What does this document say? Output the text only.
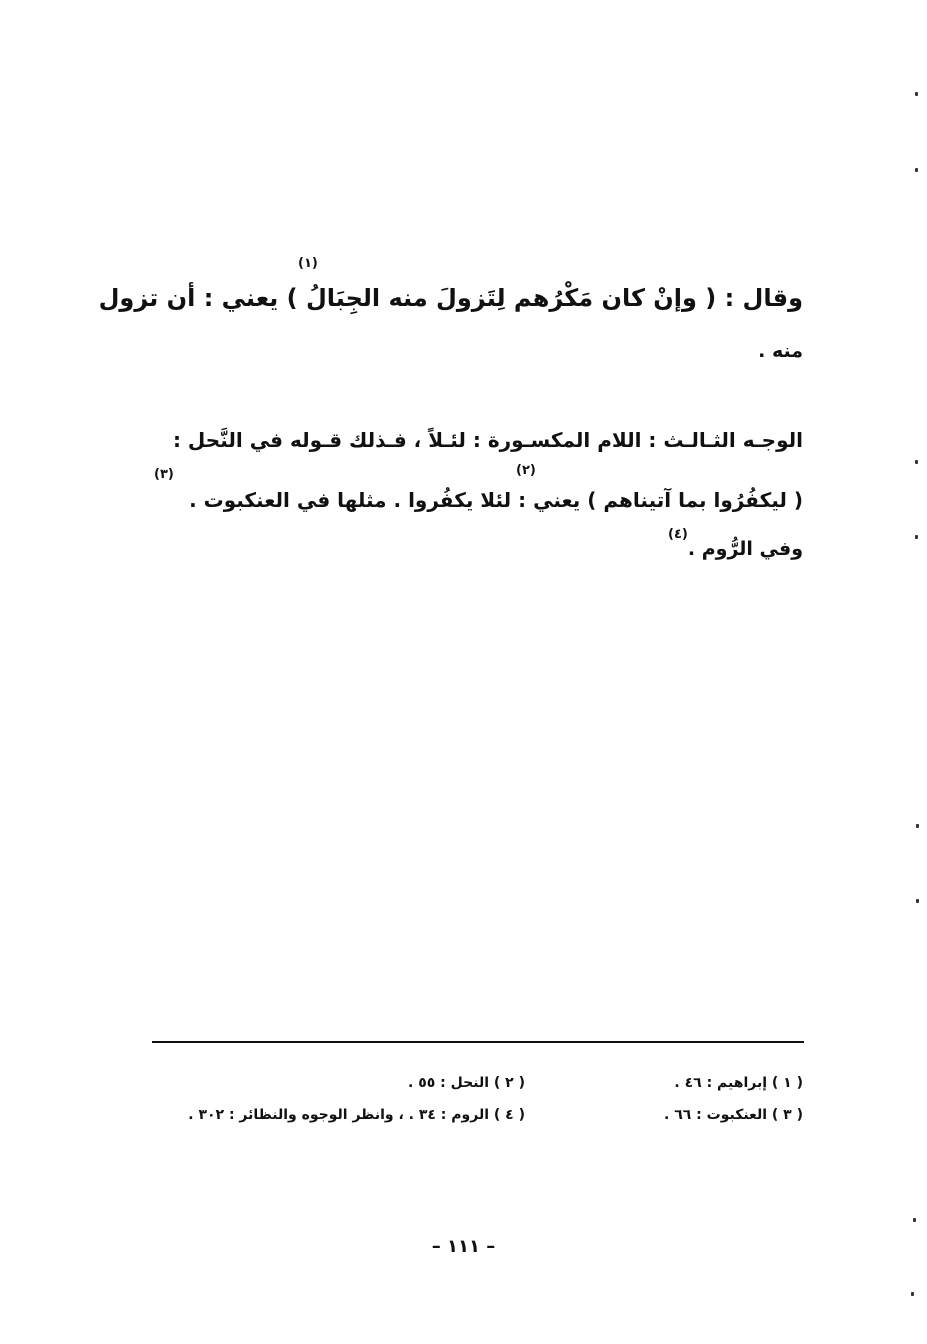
وقال : ( وإنْ كان مَكْرُهم لِتَزولَ منه الجِبَالُ ) يعني : أن تزول
(١)
منه .
الوجـه الثـالـث : اللام المكسـورة : لئـلاً ، فـذلك قـوله في النَّحل :
(٢)
(٣)
( ليكفُرُوا بما آتيناهم ) يعني : لئلا يكفُروا . مثلها في العنكبوت .
(٤)
وفي الرُّوم .
( ١ ) إبراهيم : ٤٦ .
( ٢ ) النحل : ٥٥ .
( ٣ ) العنكبوت : ٦٦ .
( ٤ ) الروم : ٣٤ . ، وانظر الوجوه والنظائر : ٣٠٢ .
– ١١١ –
